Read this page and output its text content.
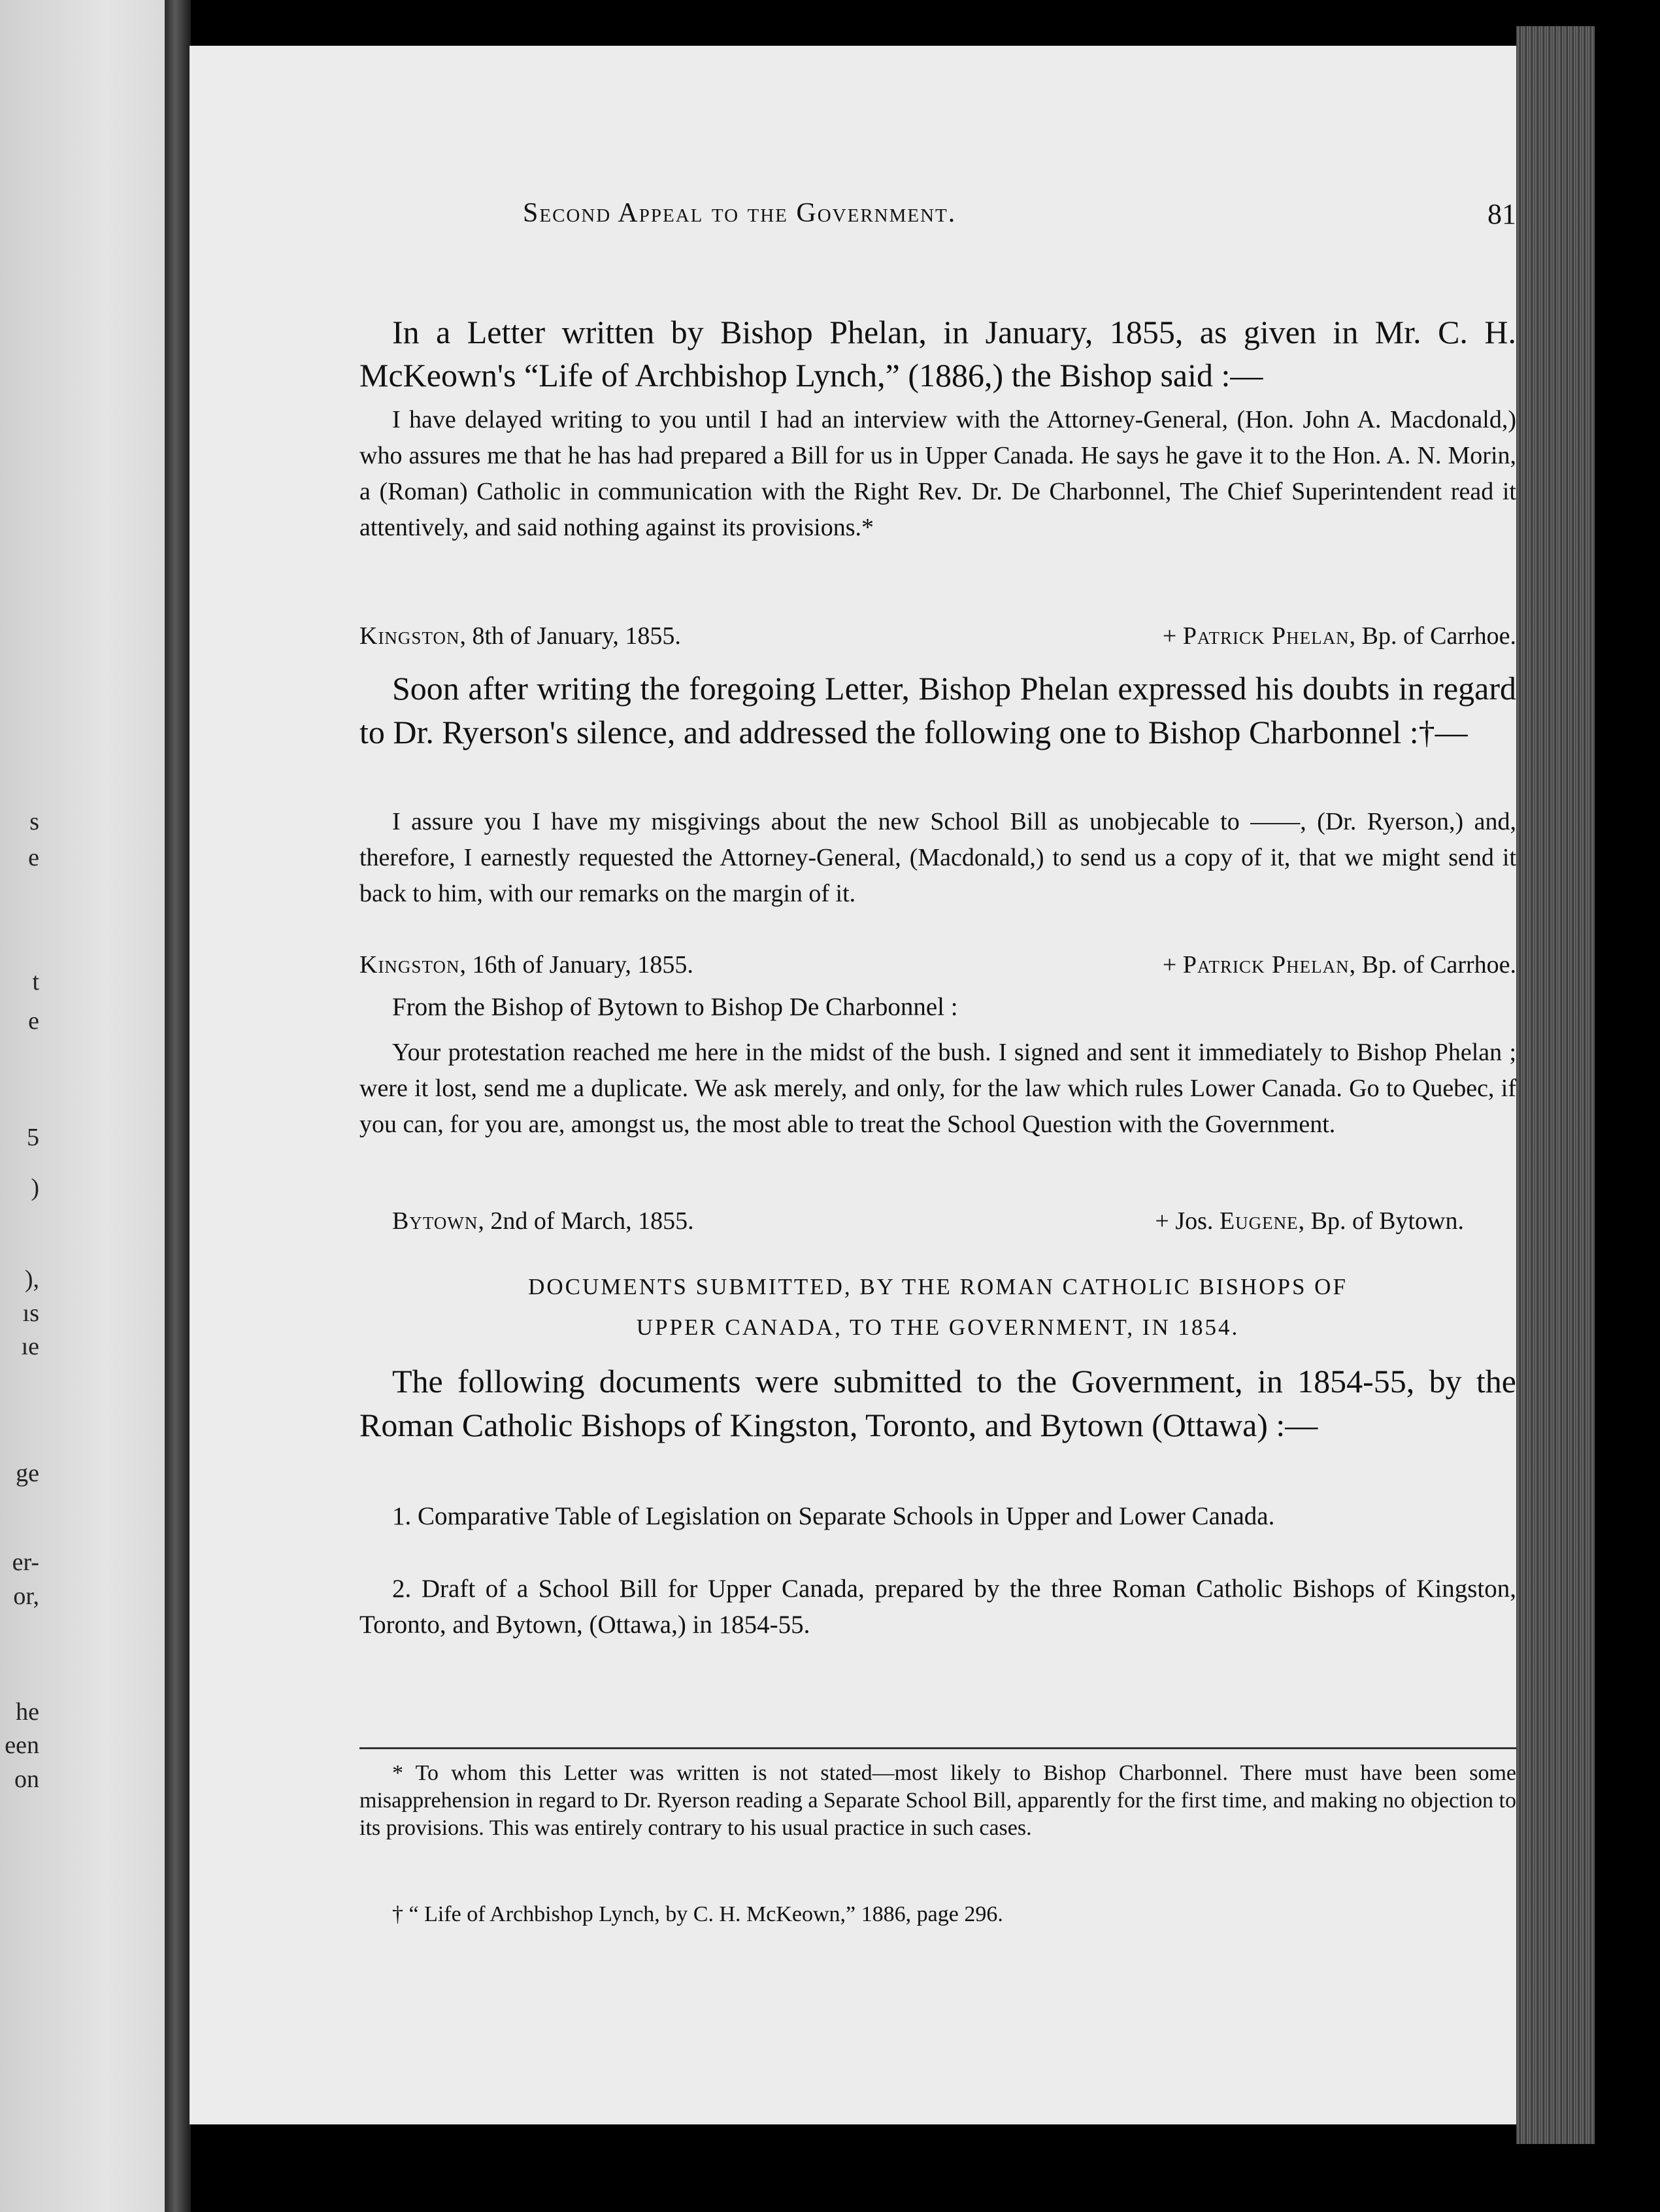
s
e
t
e
5
)
),
ıs
ıe
ge
er-
or,
he
een
on
Second Appeal to the Government.	81

In a Letter written by Bishop Phelan, in January, 1855, as given in Mr. C. H. McKeown's “Life of Archbishop Lynch,” (1886,) the Bishop said :—

I have delayed writing to you until I had an interview with the Attorney-General, (Hon. John A. Macdonald,) who assures me that he has had prepared a Bill for us in Upper Canada. He says he gave it to the Hon. A. N. Morin, a (Roman) Catholic in communication with the Right Rev. Dr. De Charbonnel, The Chief Superintendent read it attentively, and said nothing against its provisions.*

Kingston, 8th of January, 1855.	+ Patrick Phelan, Bp. of Carrhoe.

Soon after writing the foregoing Letter, Bishop Phelan expressed his doubts in regard to Dr. Ryerson's silence, and addressed the following one to Bishop Charbonnel :†—

I assure you I have my misgivings about the new School Bill as unobjecable to ——, (Dr. Ryerson,) and, therefore, I earnestly requested the Attorney-General, (Macdonald,) to send us a copy of it, that we might send it back to him, with our remarks on the margin of it.

Kingston, 16th of January, 1855.	+ Patrick Phelan, Bp. of Carrhoe.

From the Bishop of Bytown to Bishop De Charbonnel :

Your protestation reached me here in the midst of the bush. I signed and sent it immediately to Bishop Phelan ; were it lost, send me a duplicate. We ask merely, and only, for the law which rules Lower Canada. Go to Quebec, if you can, for you are, amongst us, the most able to treat the School Question with the Government.

Bytown, 2nd of March, 1855.	+ Jos. Eugene, Bp. of Bytown.

DOCUMENTS SUBMITTED, BY THE ROMAN CATHOLIC BISHOPS OF

UPPER CANADA, TO THE GOVERNMENT, IN 1854.

The following documents were submitted to the Government, in 1854-55, by the Roman Catholic Bishops of Kingston, Toronto, and Bytown (Ottawa) :—

1. Comparative Table of Legislation on Separate Schools in Upper and Lower Canada.

2. Draft of a School Bill for Upper Canada, prepared by the three Roman Catholic Bishops of Kingston, Toronto, and Bytown, (Ottawa,) in 1854-55.

* To whom this Letter was written is not stated—most likely to Bishop Charbonnel. There must have been some misapprehension in regard to Dr. Ryerson reading a Separate School Bill, apparently for the first time, and making no objection to its provisions. This was entirely contrary to his usual practice in such cases.

† “ Life of Archbishop Lynch, by C. H. McKeown,” 1886, page 296.
